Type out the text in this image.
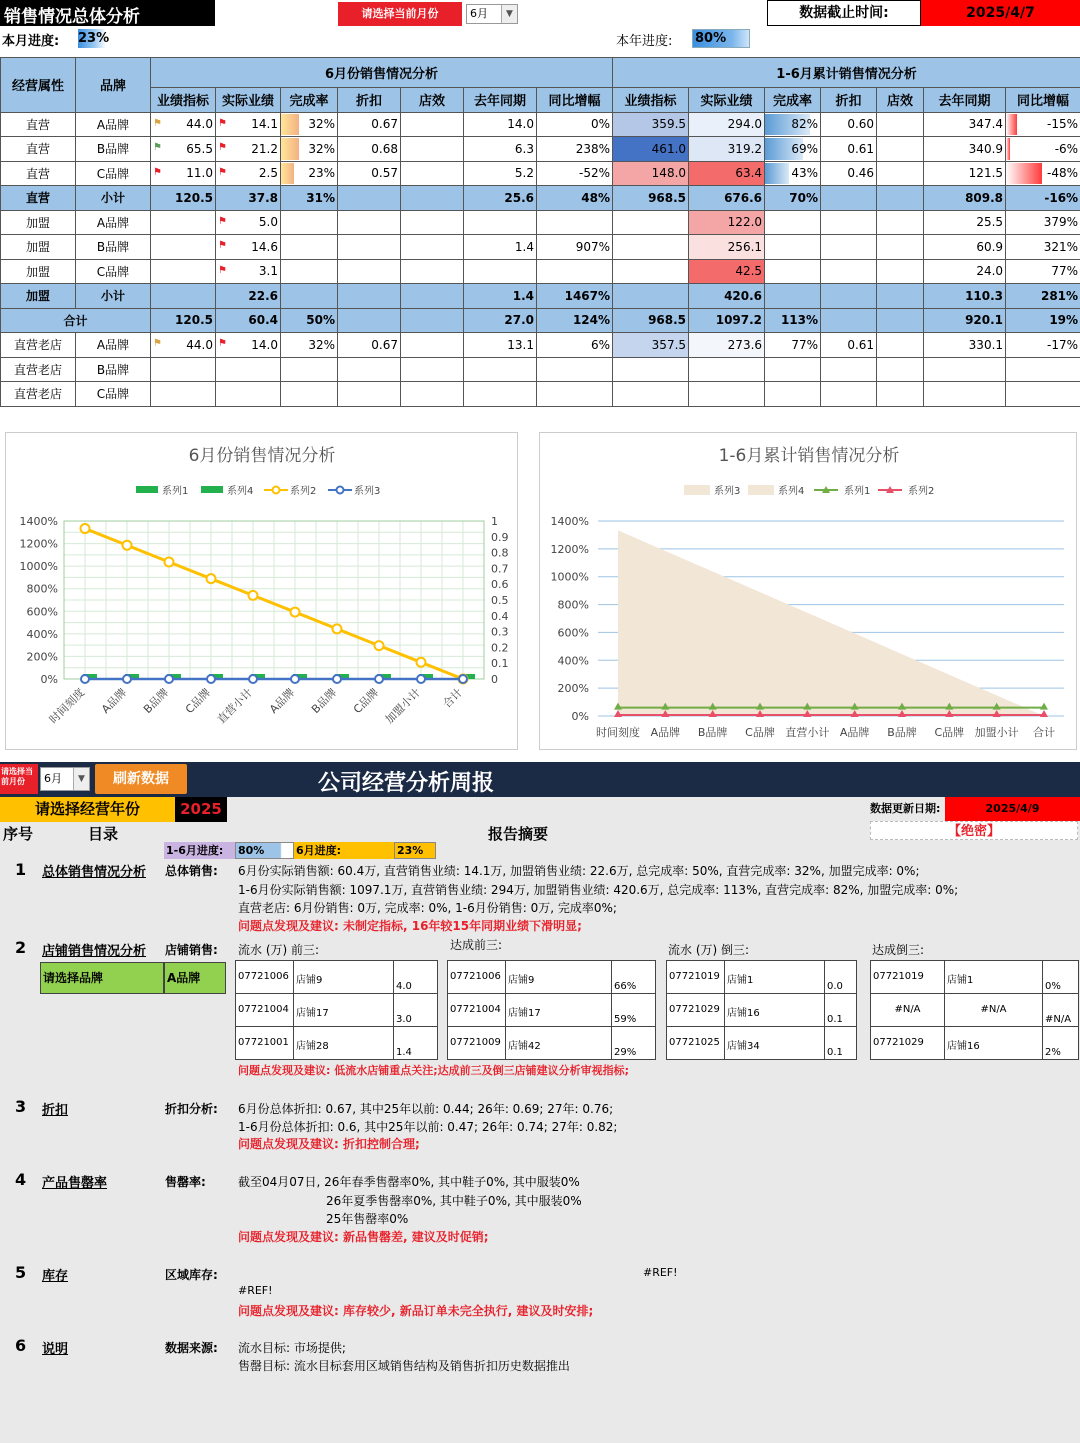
销售情况总体分析	请选择当前月份	6月	▼	数据截止时间:	2025/4/7
本月进度: 23%	本年进度: 80%
经营属性	品牌	6月份销售情况分析							1-6月累计销售情况分析						
		业绩指标	实际业绩	完成率	折扣	店效	去年同期	同比增幅	业绩指标	实际业绩	完成率	折扣	店效	去年同期	同比增幅
直营	A品牌	⚑ 44.0	⚑ 14.1	32%	0.67		14.0	0%	359.5	294.0	82%	0.60		347.4	-15%
直营	B品牌	⚑ 65.5	⚑ 21.2	32%	0.68		6.3	238%	461.0	319.2	69%	0.61		340.9	-6%
直营	C品牌	⚑ 11.0	⚑ 2.5	23%	0.57		5.2	-52%	148.0	63.4	43%	0.46		121.5	-48%
直营	小计	120.5	37.8	31%			25.6	48%	968.5	676.6	70%			809.8	-16%
加盟	A品牌		⚑ 5.0							122.0				25.5	379%
加盟	B品牌		⚑ 14.6				1.4	907%		256.1				60.9	321%
加盟	C品牌		⚑ 3.1							42.5				24.0	77%
加盟	小计		22.6				1.4	1467%		420.6				110.3	281%
合计		120.5	60.4	50%			27.0	124%	968.5	1097.2	113%			920.1	19%
直营老店	A品牌	⚑ 44.0	⚑ 14.0	32%	0.67		13.1	6%	357.5	273.6	77%	0.61		330.1	-17%
直营老店	B品牌														
直营老店	C品牌														
6月份销售情况分析
系列1	系列4	系列2	系列3
1400%
1200%
1000%
800%
600%
400%
200%
0%
1
0.9
0.8
0.7
0.6
0.5
0.4
0.3
0.2
0.1
0
时间刻度 A品牌 B品牌 C品牌 直营小计 A品牌 B品牌 C品牌 加盟小计 合计
1-6月累计销售情况分析
系列3	系列4	系列1	系列2
1400%
1200%
1000%
800%
600%
400%
200%
0%
时间刻度 A品牌 B品牌 C品牌 直营小计 A品牌 B品牌 C品牌 加盟小计 合计
请选择当前月份	6月	▼	刷新数据	公司经营分析周报
请选择经营年份	2025	数据更新日期:	2025/4/9
【绝密】
序号	目录	报告摘要
1-6月进度:	80%	6月进度:	23%
1 总体销售情况分析 总体销售: 6月份实际销售额: 60.4万, 直营销售业绩: 14.1万, 加盟销售业绩: 22.6万, 总完成率: 50%, 直营完成率: 32%, 加盟完成率: 0%;
1-6月份实际销售额: 1097.1万, 直营销售业绩: 294万, 加盟销售业绩: 420.6万, 总完成率: 113%, 直营完成率: 82%, 加盟完成率: 0%;
直营老店: 6月份销售: 0万, 完成率: 0%, 1-6月份销售: 0万, 完成率0%;
问题点发现及建议: 未制定指标, 16年较15年同期业绩下滑明显;
2 店铺销售情况分析 店铺销售:
请选择品牌	A品牌
流水 (万) 前三:	达成前三:	流水 (万) 倒三:	达成倒三:
07721006	店铺9	4.0
07721004	店铺17	3.0
07721001	店铺28	1.4
07721006	店铺9	66%
07721004	店铺17	59%
07721009	店铺42	29%
07721019	店铺1	0.0
07721029	店铺16	0.1
07721025	店铺34	0.1
07721019	店铺1	0%
#N/A	#N/A	#N/A
07721029	店铺16	2%
问题点发现及建议: 低流水店铺重点关注;达成前三及倒三店铺建议分析审视指标;
3 折扣	折扣分析: 6月份总体折扣: 0.67, 其中25年以前: 0.44; 26年: 0.69; 27年: 0.76;
1-6月份总体折扣: 0.6, 其中25年以前: 0.47; 26年: 0.74; 27年: 0.82;
问题点发现及建议: 折扣控制合理;
4 产品售罄率	售罄率:	截至04月07日, 26年春季售罄率0%, 其中鞋子0%, 其中服装0%
26年夏季售罄率0%, 其中鞋子0%, 其中服装0%
25年售罄率0%
问题点发现及建议: 新品售罄差, 建议及时促销;
5 库存	区域库存:	#REF!
#REF!
问题点发现及建议: 库存较少, 新品订单未完全执行, 建议及时安排;
6 说明	数据来源: 流水目标: 市场提供;
售罄目标: 流水目标套用区域销售结构及销售折扣历史数据推出
